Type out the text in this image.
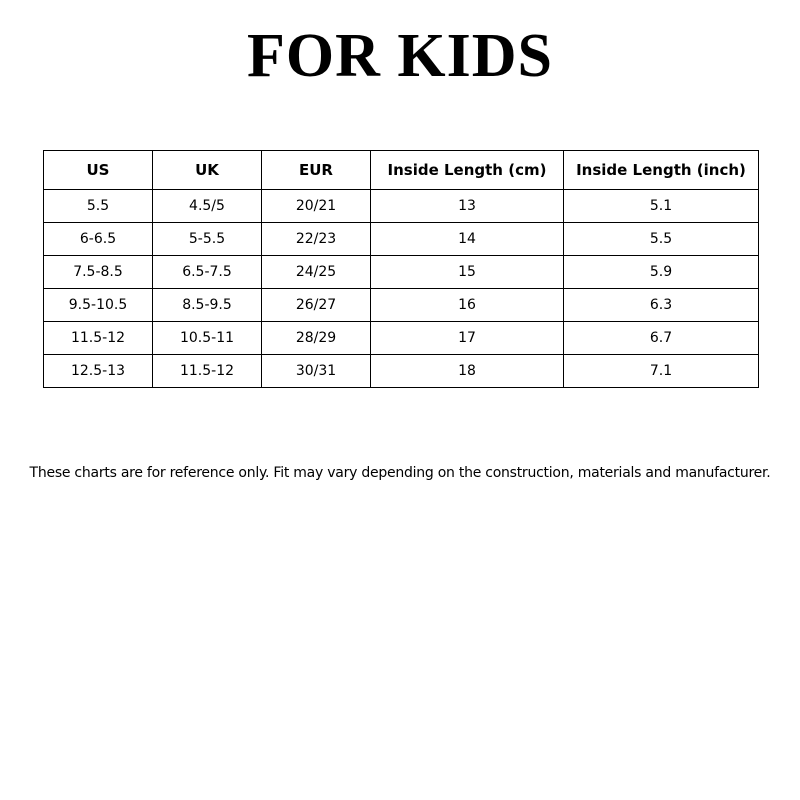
FOR KIDS
US	UK	EUR	Inside Length (cm)	Inside Length (inch)
5.5	4.5/5	20/21	13	5.1
6-6.5	5-5.5	22/23	14	5.5
7.5-8.5	6.5-7.5	24/25	15	5.9
9.5-10.5	8.5-9.5	26/27	16	6.3
11.5-12	10.5-11	28/29	17	6.7
12.5-13	11.5-12	30/31	18	7.1
These charts are for reference only. Fit may vary depending on the construction, materials and manufacturer.
